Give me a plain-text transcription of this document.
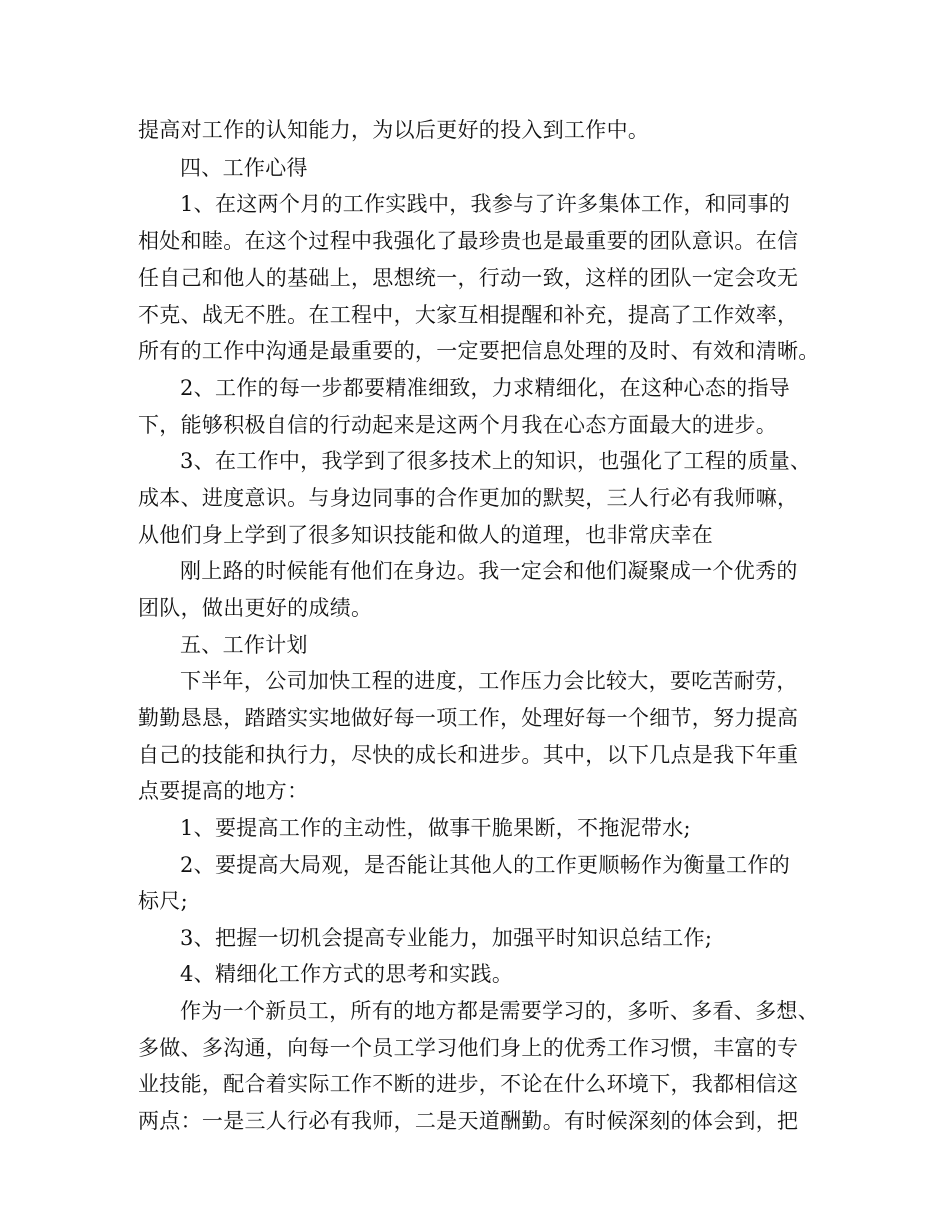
提高对工作的认知能力，为以后更好的投入到工作中。
四、工作心得
1、在这两个月的工作实践中，我参与了许多集体工作，和同事的
相处和睦。在这个过程中我强化了最珍贵也是最重要的团队意识。在信
任自己和他人的基础上，思想统一，行动一致，这样的团队一定会攻无
不克、战无不胜。在工程中，大家互相提醒和补充，提高了工作效率，
所有的工作中沟通是最重要的，一定要把信息处理的及时、有效和清晰。
2、工作的每一步都要精准细致，力求精细化，在这种心态的指导
下，能够积极自信的行动起来是这两个月我在心态方面最大的进步。
3、在工作中，我学到了很多技术上的知识，也强化了工程的质量、
成本、进度意识。与身边同事的合作更加的默契，三人行必有我师嘛，
从他们身上学到了很多知识技能和做人的道理，也非常庆幸在
刚上路的时候能有他们在身边。我一定会和他们凝聚成一个优秀的
团队，做出更好的成绩。
五、工作计划
下半年，公司加快工程的进度，工作压力会比较大，要吃苦耐劳，
勤勤恳恳，踏踏实实地做好每一项工作，处理好每一个细节，努力提高
自己的技能和执行力，尽快的成长和进步。其中，以下几点是我下年重
点要提高的地方：
1、要提高工作的主动性，做事干脆果断，不拖泥带水;
2、要提高大局观，是否能让其他人的工作更顺畅作为衡量工作的
标尺;
3、把握一切机会提高专业能力，加强平时知识总结工作;
4、精细化工作方式的思考和实践。
作为一个新员工，所有的地方都是需要学习的，多听、多看、多想、
多做、多沟通，向每一个员工学习他们身上的优秀工作习惯，丰富的专
业技能，配合着实际工作不断的进步，不论在什么环境下，我都相信这
两点：一是三人行必有我师，二是天道酬勤。有时候深刻的体会到，把
